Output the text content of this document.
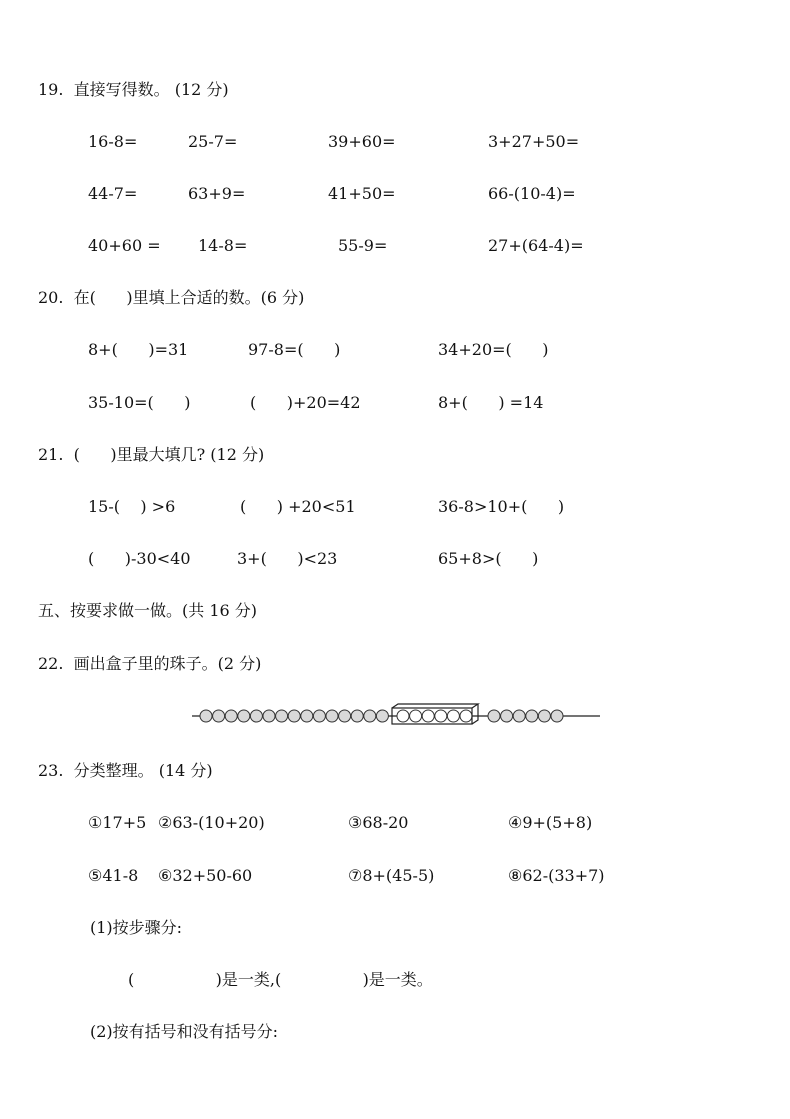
19.  直接写得数。 (12 分)
16-8=	25-7=	39+60=	3+27+50=
44-7=	63+9=	41+50=	66-(10-4)=
40+60 = 14-8=	55-9=	27+(64-4)=
20.  在(      )里填上合适的数。(6 分)
8+(      )=31	97-8=(      )	34+20=(      )
35-10=(      )	(      )+20=42	8+(      ) =14
21.  (      )里最大填几? (12 分)
15-(    ) >6	(      ) +20<51	36-8>10+(      )
(      )-30<40	3+(      )<23	65+8>(      )
五、按要求做一做。(共 16 分)
22.  画出盒子里的珠子。(2 分)
23.  分类整理。 (14 分)
①17+5 ②63-(10+20)	③68-20	④9+(5+8)
⑤41-8 ⑥32+50-60	⑦8+(45-5)	⑧62-(33+7)
(1)按步骤分:
(                )是一类,(                )是一类。
(2)按有括号和没有括号分:
